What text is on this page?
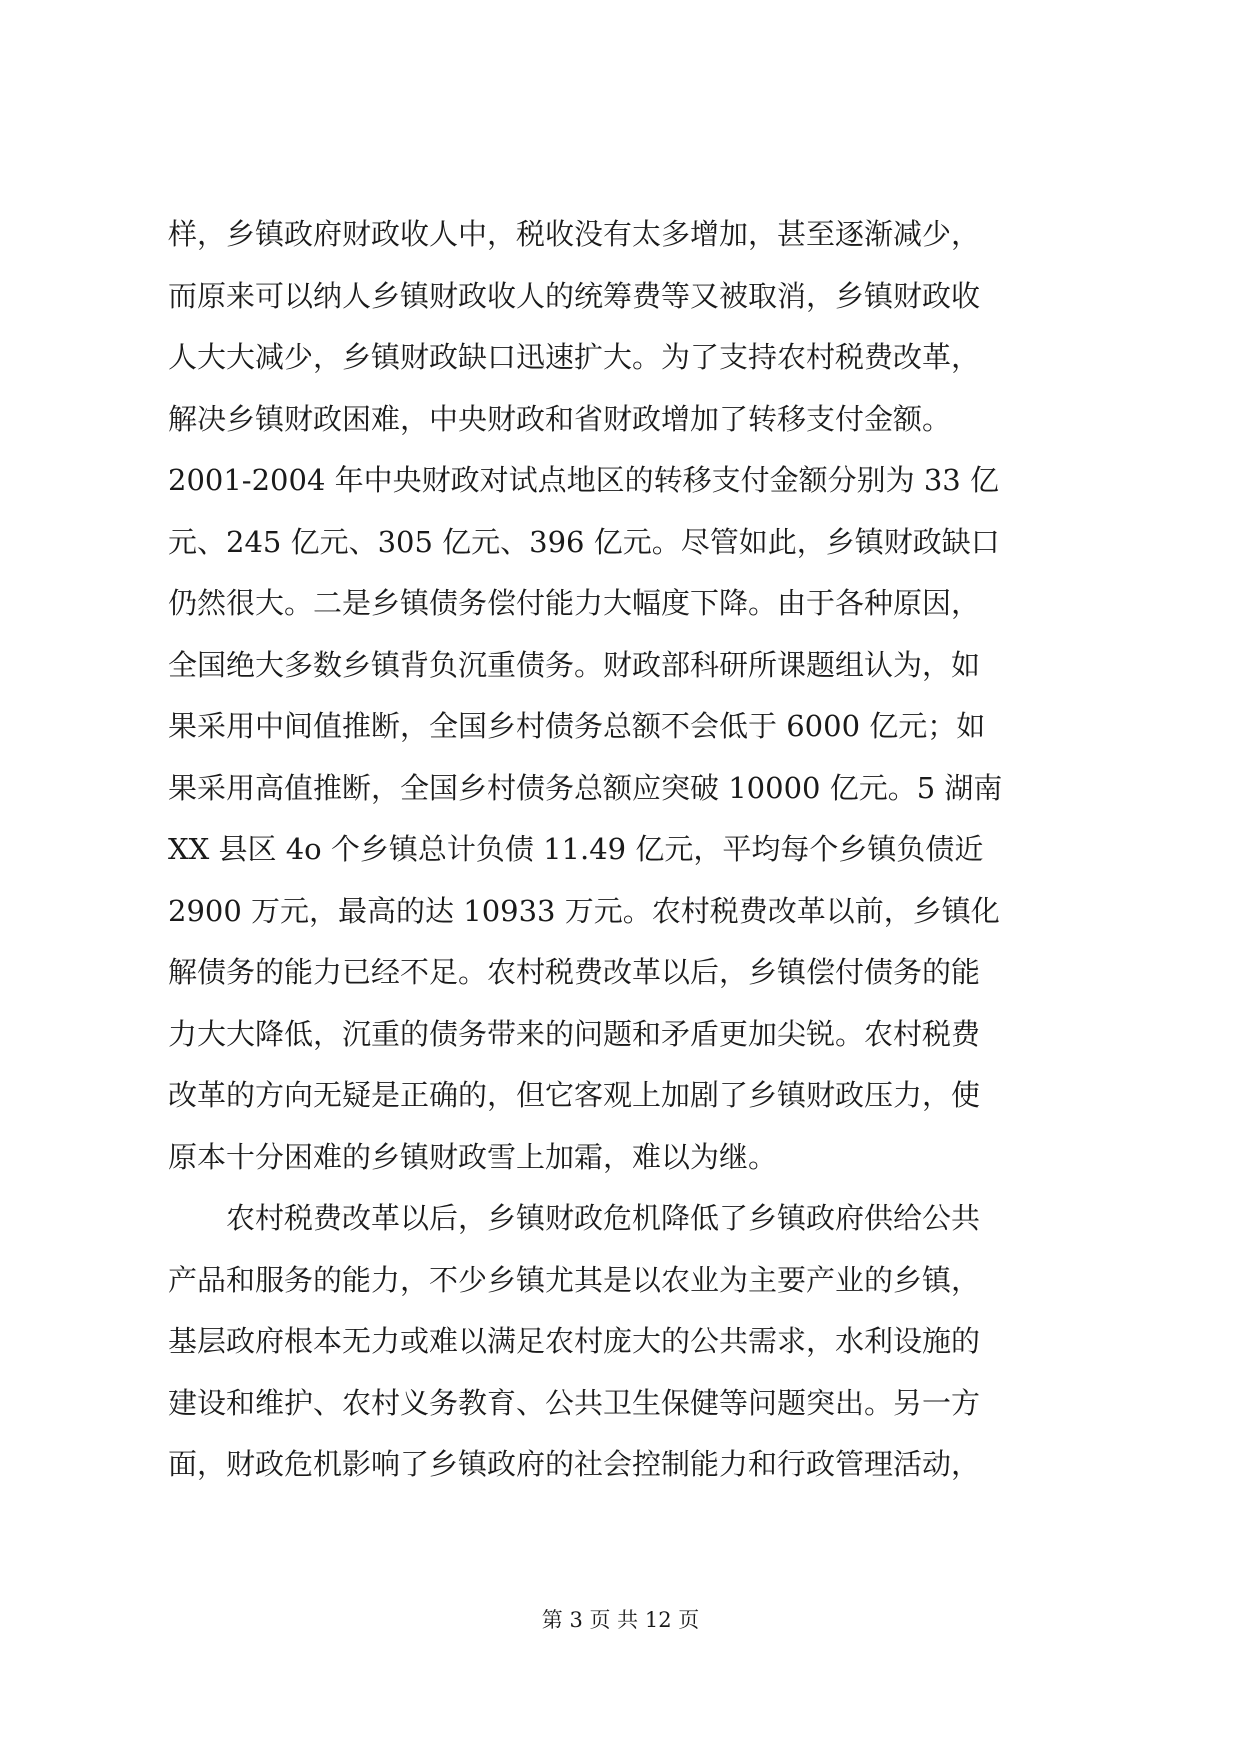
样，乡镇政府财政收人中，税收没有太多增加，甚至逐渐减少，
而原来可以纳人乡镇财政收人的统筹费等又被取消，乡镇财政收
人大大减少，乡镇财政缺口迅速扩大。为了支持农村税费改革，
解决乡镇财政困难，中央财政和省财政增加了转移支付金额。
2001-2004 年中央财政对试点地区的转移支付金额分别为 33 亿
元、245 亿元、305 亿元、396 亿元。尽管如此，乡镇财政缺口
仍然很大。二是乡镇债务偿付能力大幅度下降。由于各种原因，
全国绝大多数乡镇背负沉重债务。财政部科研所课题组认为，如
果采用中间值推断，全国乡村债务总额不会低于 6000 亿元；如
果采用高值推断，全国乡村债务总额应突破 10000 亿元。5 湖南
XX 县区 4o 个乡镇总计负债 11.49 亿元，平均每个乡镇负债近
2900 万元，最高的达 10933 万元。农村税费改革以前，乡镇化
解债务的能力已经不足。农村税费改革以后，乡镇偿付债务的能
力大大降低，沉重的债务带来的问题和矛盾更加尖锐。农村税费
改革的方向无疑是正确的，但它客观上加剧了乡镇财政压力，使
原本十分困难的乡镇财政雪上加霜，难以为继。
　　农村税费改革以后，乡镇财政危机降低了乡镇政府供给公共
产品和服务的能力，不少乡镇尤其是以农业为主要产业的乡镇，
基层政府根本无力或难以满足农村庞大的公共需求，水利设施的
建设和维护、农村义务教育、公共卫生保健等问题突出。另一方
面，财政危机影响了乡镇政府的社会控制能力和行政管理活动，
第 3 页 共 12 页
